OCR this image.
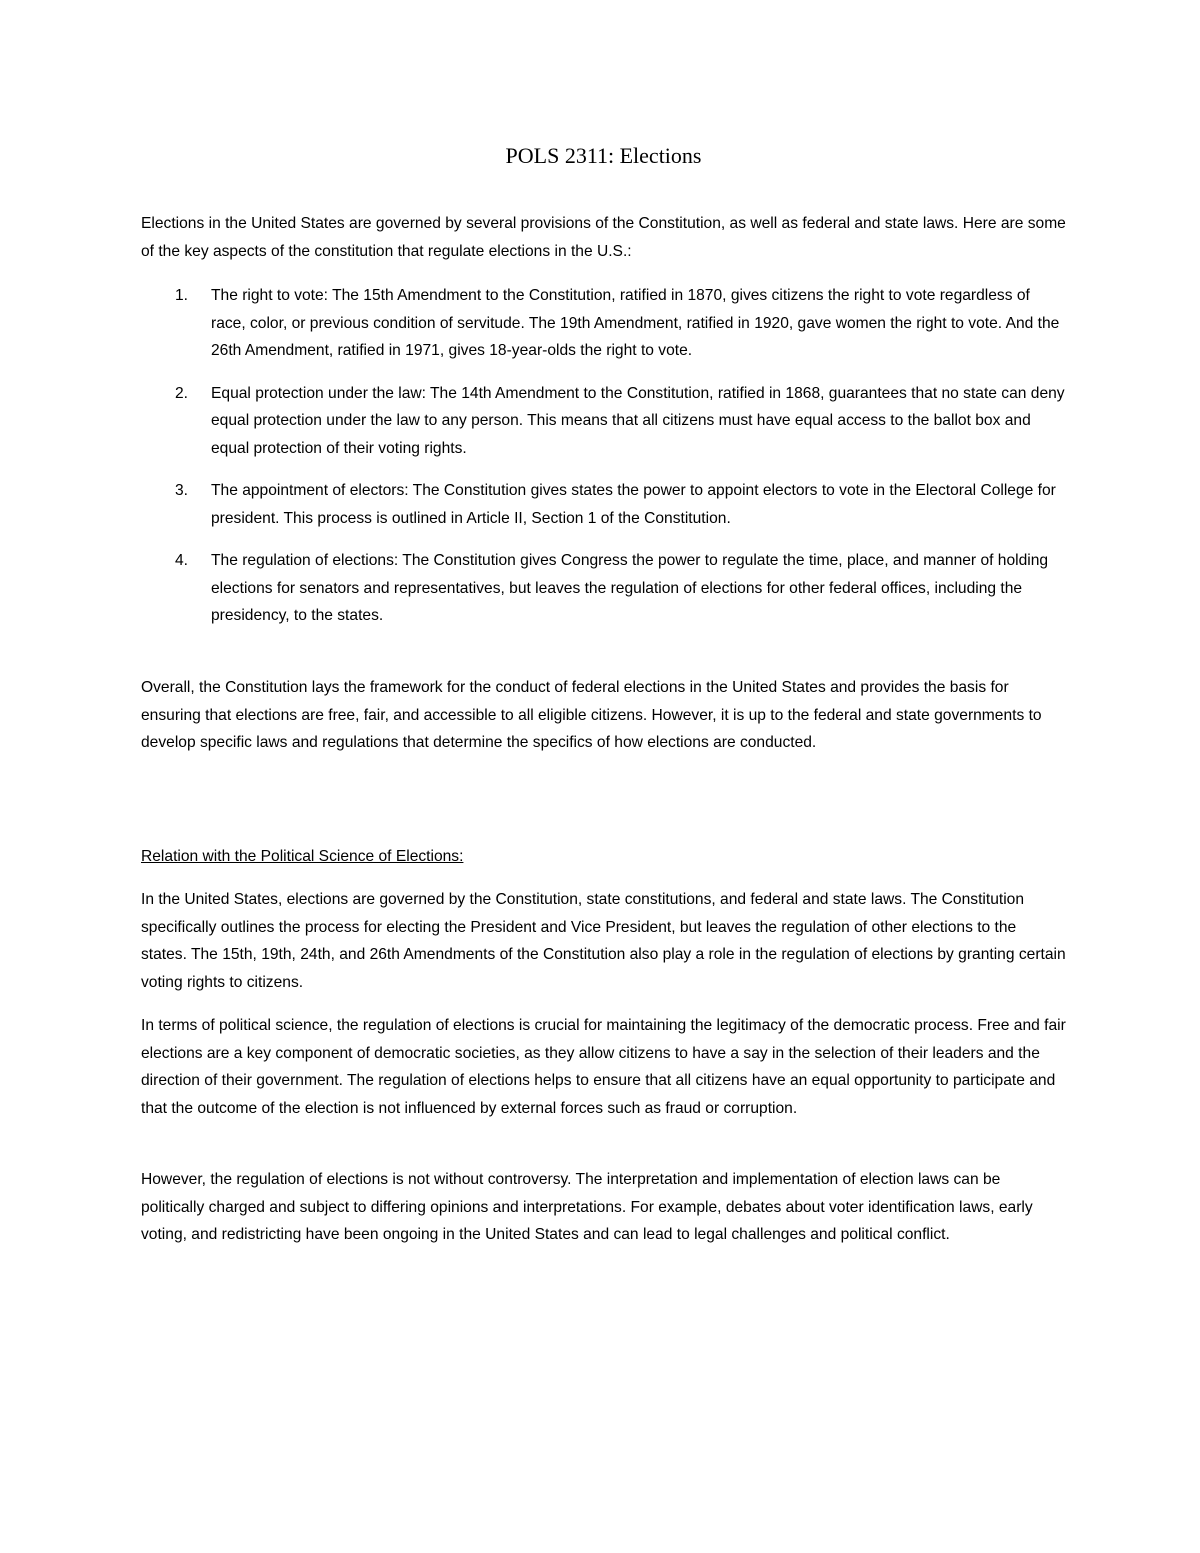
POLS 2311: Elections

Elections in the United States are governed by several provisions of the Constitution, as well as federal and state laws. Here are some of the key aspects of the constitution that regulate elections in the U.S.:

1. The right to vote: The 15th Amendment to the Constitution, ratified in 1870, gives citizens the right to vote regardless of race, color, or previous condition of servitude. The 19th Amendment, ratified in 1920, gave women the right to vote. And the 26th Amendment, ratified in 1971, gives 18-year-olds the right to vote.
2. Equal protection under the law: The 14th Amendment to the Constitution, ratified in 1868, guarantees that no state can deny equal protection under the law to any person. This means that all citizens must have equal access to the ballot box and equal protection of their voting rights.
3. The appointment of electors: The Constitution gives states the power to appoint electors to vote in the Electoral College for president. This process is outlined in Article II, Section 1 of the Constitution.
4. The regulation of elections: The Constitution gives Congress the power to regulate the time, place, and manner of holding elections for senators and representatives, but leaves the regulation of elections for other federal offices, including the presidency, to the states.

Overall, the Constitution lays the framework for the conduct of federal elections in the United States and provides the basis for ensuring that elections are free, fair, and accessible to all eligible citizens. However, it is up to the federal and state governments to develop specific laws and regulations that determine the specifics of how elections are conducted.

Relation with the Political Science of Elections:

In the United States, elections are governed by the Constitution, state constitutions, and federal and state laws. The Constitution specifically outlines the process for electing the President and Vice President, but leaves the regulation of other elections to the states. The 15th, 19th, 24th, and 26th Amendments of the Constitution also play a role in the regulation of elections by granting certain voting rights to citizens.

In terms of political science, the regulation of elections is crucial for maintaining the legitimacy of the democratic process. Free and fair elections are a key component of democratic societies, as they allow citizens to have a say in the selection of their leaders and the direction of their government. The regulation of elections helps to ensure that all citizens have an equal opportunity to participate and that the outcome of the election is not influenced by external forces such as fraud or corruption.

However, the regulation of elections is not without controversy. The interpretation and implementation of election laws can be politically charged and subject to differing opinions and interpretations. For example, debates about voter identification laws, early voting, and redistricting have been ongoing in the United States and can lead to legal challenges and political conflict.
